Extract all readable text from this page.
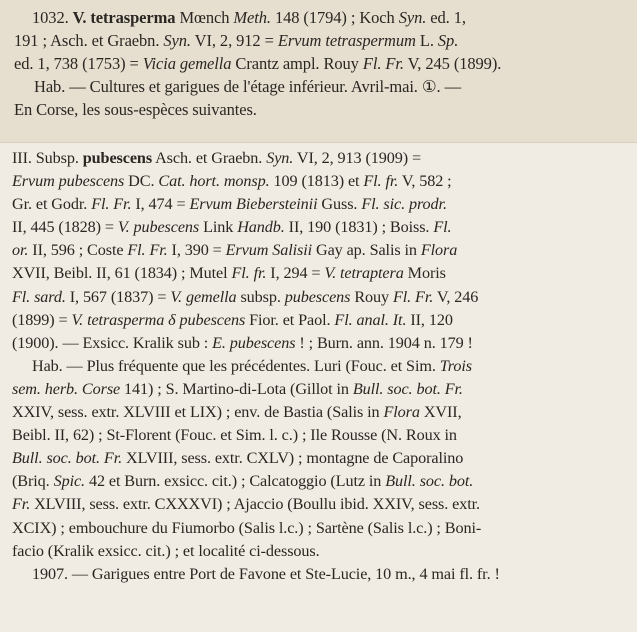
1032. V. tetrasperma Mœnch Meth. 148 (1794) ; Koch Syn. ed. 1,
191 ; Asch. et Graebn. Syn. VI, 2, 912 = Ervum tetraspermum L. Sp.
ed. 1, 738 (1753) = Vicia gemella Crantz ampl. Rouy Fl. Fr. V, 245 (1899).
Hab. — Cultures et garigues de l'étage inférieur. Avril-mai. ①. —
En Corse, les sous-espèces suivantes.
III. Subsp. pubescens Asch. et Graebn. Syn. VI, 2, 913 (1909) =
Ervum pubescens DC. Cat. hort. monsp. 109 (1813) et Fl. fr. V, 582 ;
Gr. et Godr. Fl. Fr. I, 474 = Ervum Biebersteinii Guss. Fl. sic. prodr.
II, 445 (1828) = V. pubescens Link Handb. II, 190 (1831) ; Boiss. Fl.
or. II, 596 ; Coste Fl. Fr. I, 390 = Ervum Salisii Gay ap. Salis in Flora
XVII, Beibl. II, 61 (1834) ; Mutel Fl. fr. I, 294 = V. tetraptera Moris
Fl. sard. I, 567 (1837) = V. gemella subsp. pubescens Rouy Fl. Fr. V, 246
(1899) = V. tetrasperma δ pubescens Fior. et Paol. Fl. anal. It. II, 120
(1900). — Exsicc. Kralik sub : E. pubescens ! ; Burn. ann. 1904 n. 179 !
Hab. — Plus fréquente que les précédentes. Luri (Fouc. et Sim. Trois
sem. herb. Corse 141) ; S. Martino-di-Lota (Gillot in Bull. soc. bot. Fr.
XXIV, sess. extr. XLVIII et LIX) ; env. de Bastia (Salis in Flora XVII,
Beibl. II, 62) ; St-Florent (Fouc. et Sim. l. c.) ; Ile Rousse (N. Roux in
Bull. soc. bot. Fr. XLVIII, sess. extr. CXLV) ; montagne de Caporalino
(Briq. Spic. 42 et Burn. exsicc. cit.) ; Calcatoggio (Lutz in Bull. soc. bot.
Fr. XLVIII, sess. extr. CXXXVI) ; Ajaccio (Boullu ibid. XXIV, sess. extr.
XCIX) ; embouchure du Fiumorbo (Salis l.c.) ; Sartène (Salis l.c.) ; Boni-
facio (Kralik exsicc. cit.) ; et localité ci-dessous.
1907. — Garigues entre Port de Favone et Ste-Lucie, 10 m., 4 mai fl. fr. !
